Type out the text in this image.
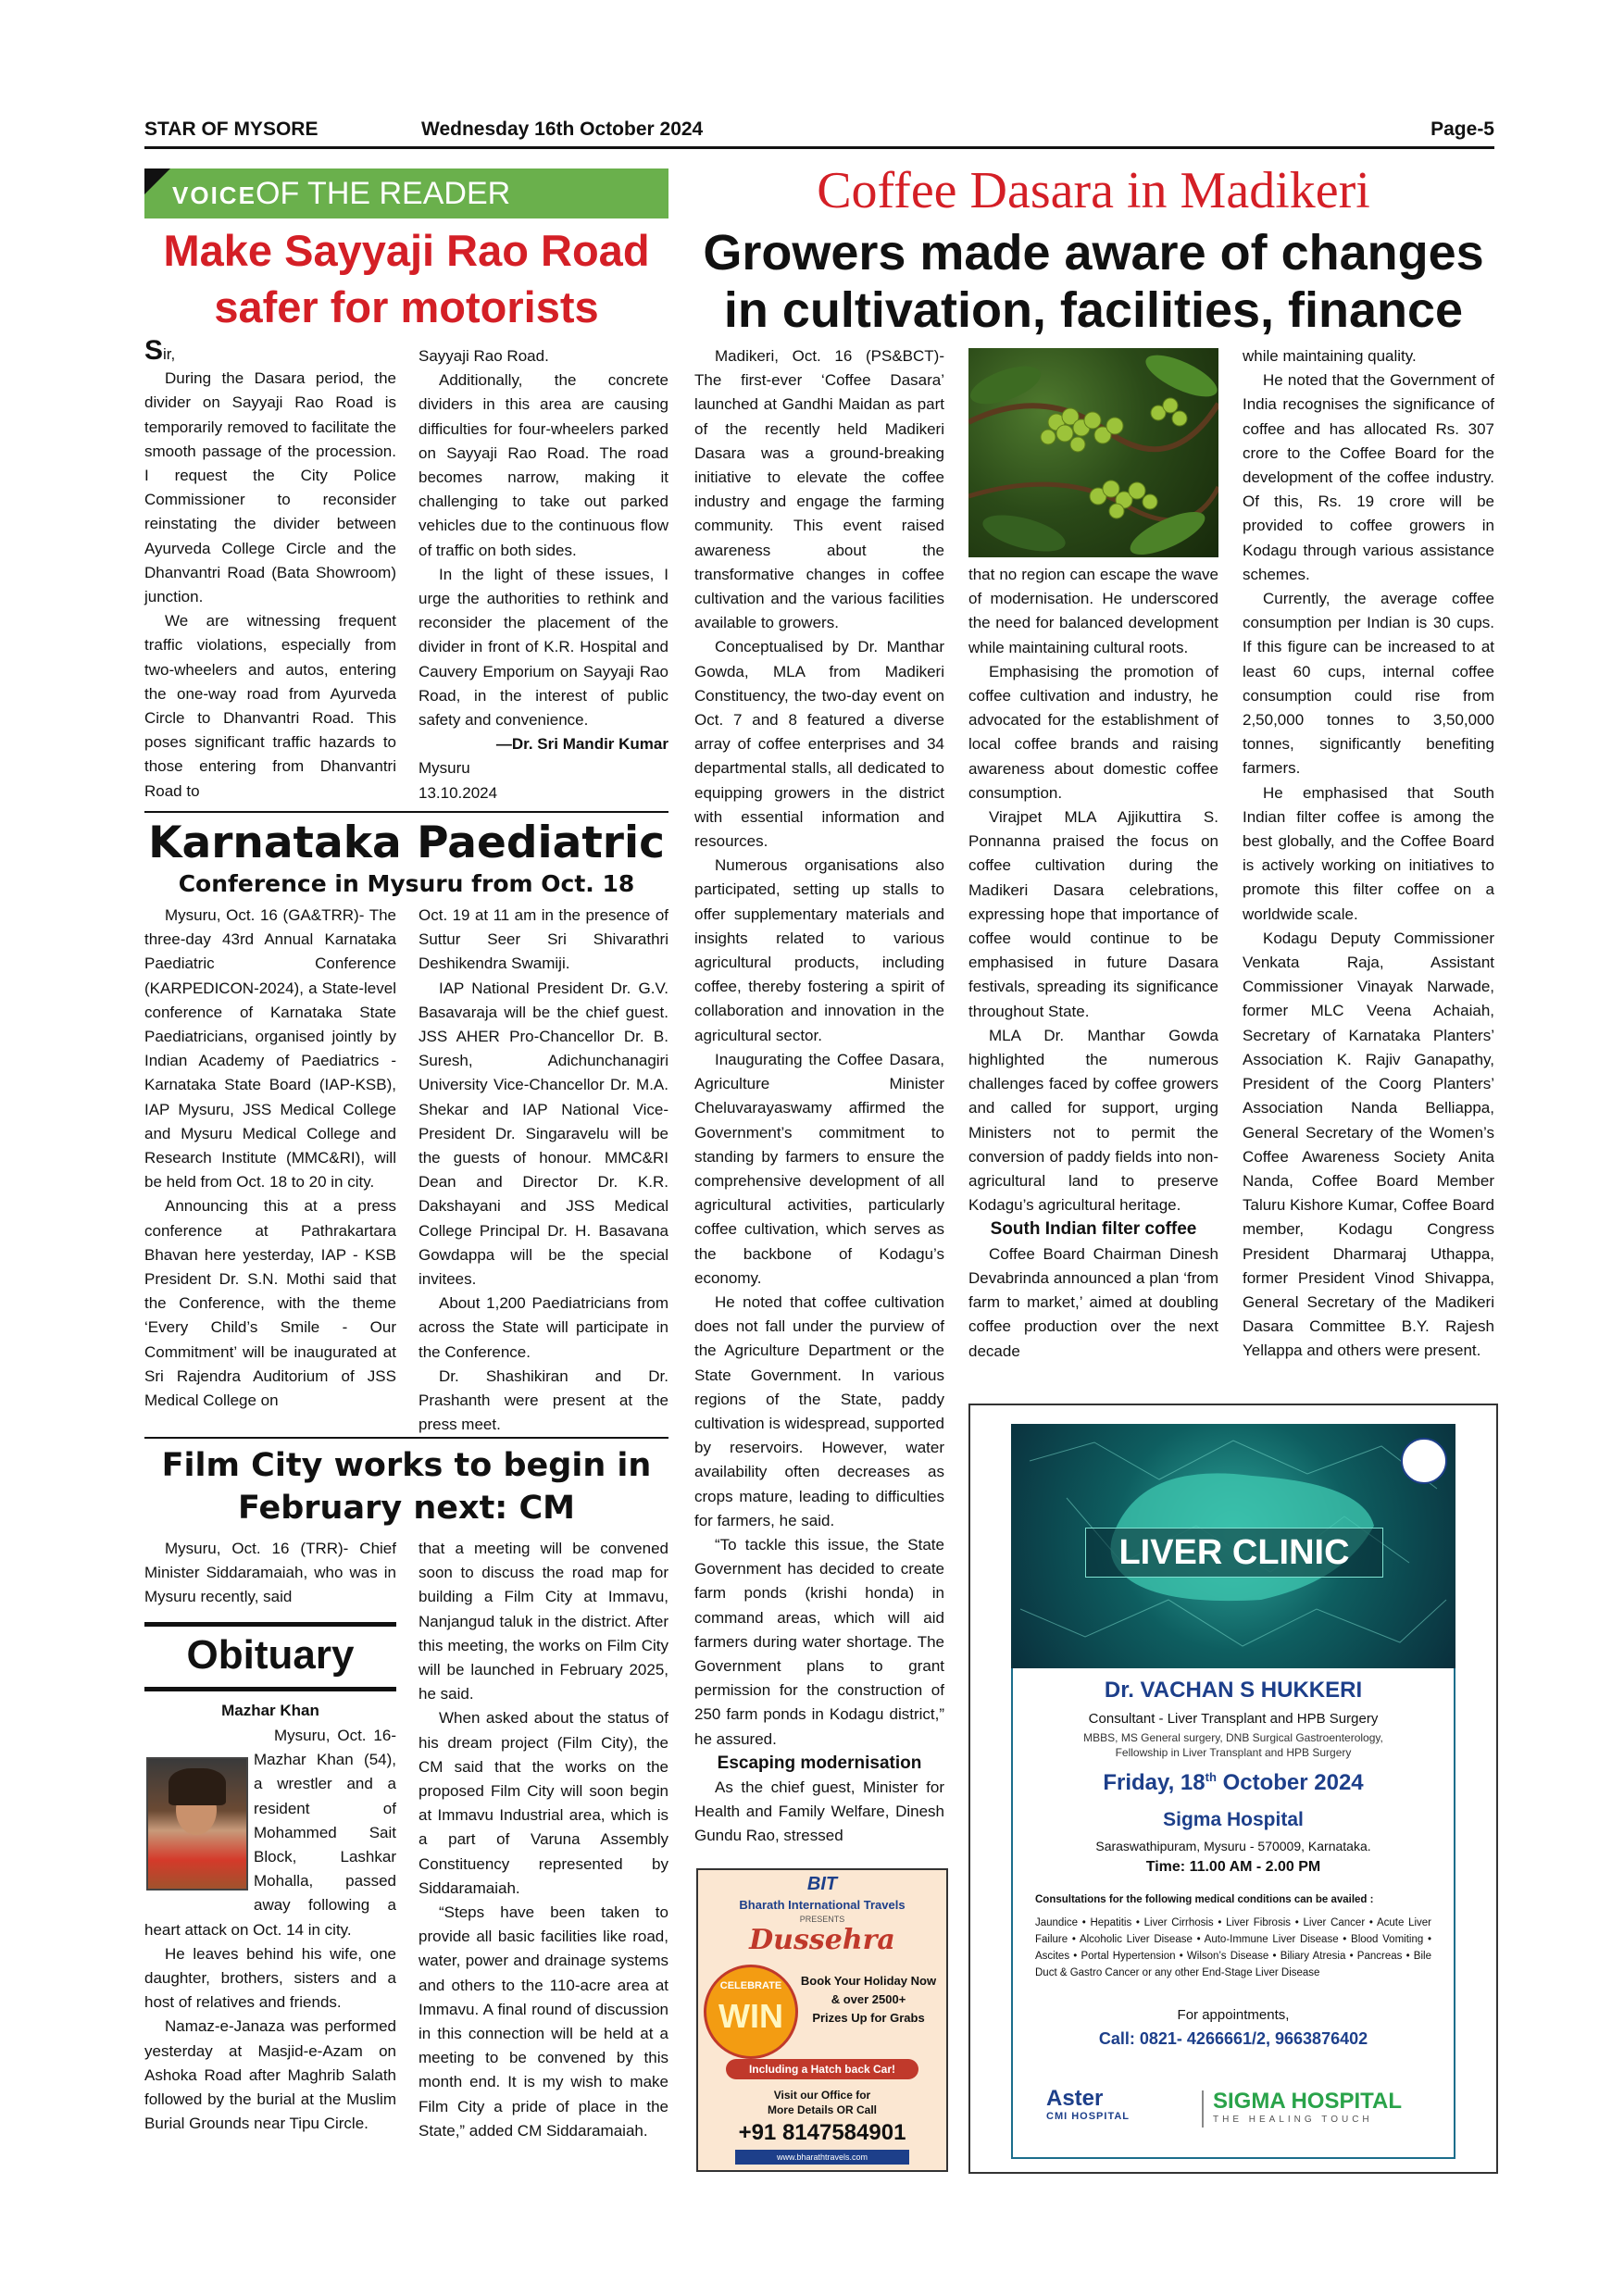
STAR OF MYSORE	Wednesday 16th October 2024	Page-5
VOICE OF THE READER
Make Sayyaji Rao Road
safer for motorists

Sir,

During the Dasara period, the divider on Sayyaji Rao Road is temporarily removed to facilitate the smooth passage of the procession. I request the City Police Commissioner to reconsider reinstating the divider between Ayurveda College Circle and the Dhanvantri Road (Bata Showroom) junction.

We are witnessing frequent traffic violations, especially from two-wheelers and autos, entering the one-way road from Ayurveda Circle to Dhanvantri Road. This poses significant traffic hazards to those entering from Dhanvantri Road to

Sayyaji Rao Road.

Additionally, the concrete dividers in this area are causing difficulties for four-wheelers parked on Sayyaji Rao Road. The road becomes narrow, making it challenging to take out parked vehicles due to the continuous flow of traffic on both sides.

In the light of these issues, I urge the authorities to rethink and reconsider the placement of the divider in front of K.R. Hospital and Cauvery Emporium on Sayyaji Rao Road, in the interest of public safety and convenience.

—Dr. Sri Mandir Kumar

Mysuru

13.10.2024

Karnataka Paediatric
Conference in Mysuru from Oct. 18

Mysuru, Oct. 16 (GA&TRR)- The three-day 43rd Annual Karnataka Paediatric Conference (KARPEDICON-2024), a State-level conference of Karnataka State Paediatricians, organised jointly by Indian Academy of Paediatrics - Karnataka State Board (IAP-KSB), IAP Mysuru, JSS Medical College and Mysuru Medical College and Research Institute (MMC&RI), will be held from Oct. 18 to 20 in city.

Announcing this at a press conference at Pathrakartara Bhavan here yesterday, IAP - KSB President Dr. S.N. Mothi said that the Conference, with the theme ‘Every Child’s Smile - Our Commitment’ will be inaugurated at Sri Rajendra Auditorium of JSS Medical College on

Oct. 19 at 11 am in the presence of Suttur Seer Sri Shivarathri Deshikendra Swamiji.

IAP National President Dr. G.V. Basavaraja will be the chief guest. JSS AHER Pro-Chancellor Dr. B. Suresh, Adichunchanagiri University Vice-Chancellor Dr. M.A. Shekar and IAP National Vice-President Dr. Singaravelu will be the guests of honour. MMC&RI Dean and Director Dr. K.R. Dakshayani and JSS Medical College Principal Dr. H. Basavana Gowdappa will be the special invitees.

About 1,200 Paediatricians from across the State will participate in the Conference.

Dr. Shashikiran and Dr. Prashanth were present at the press meet.

Film City works to begin in
February next: CM

Mysuru, Oct. 16 (TRR)- Chief Minister Siddaramaiah, who was in Mysuru recently, said

that a meeting will be convened soon to discuss the road map for building a Film City at Immavu, Nanjangud taluk in the district. After this meeting, the works on Film City will be launched in February 2025, he said.

When asked about the status of his dream project (Film City), the CM said that the works on the proposed Film City will soon begin at Immavu Industrial area, which is a part of Varuna Assembly Constituency represented by Siddaramaiah.

“Steps have been taken to provide all basic facilities like road, water, power and drainage systems and others to the 110-acre area at Immavu. A final round of discussion in this connection will be held at a meeting to be convened by this month end. It is my wish to make Film City a pride of place in the State,” added CM Siddaramaiah.

Obituary
Mazhar Khan

Mysuru, Oct. 16- Mazhar Khan (54), a wrestler and a resident of Mohammed Sait Block, Lashkar Mohalla, passed away following a heart attack on Oct. 14 in city.

He leaves behind his wife, one daughter, brothers, sisters and a host of relatives and friends.

Namaz-e-Janaza was performed yesterday at Masjid-e-Azam on Ashoka Road after Maghrib Salath followed by the burial at the Muslim Burial Grounds near Tipu Circle.

Coffee Dasara in Madikeri
Growers made aware of changes
in cultivation, facilities, finance

Madikeri, Oct. 16 (PS&BCT)- The first-ever ‘Coffee Dasara’ launched at Gandhi Maidan as part of the recently held Madikeri Dasara was a ground-breaking initiative to elevate the coffee industry and engage the farming community. This event raised awareness about the transformative changes in coffee cultivation and the various facilities available to growers.

Conceptualised by Dr. Manthar Gowda, MLA from Madikeri Constituency, the two-day event on Oct. 7 and 8 featured a diverse array of coffee enterprises and 34 departmental stalls, all dedicated to equipping growers in the district with essential information and resources.

Numerous organisations also participated, setting up stalls to offer supplementary materials and insights related to various agricultural products, including coffee, thereby fostering a spirit of collaboration and innovation in the agricultural sector.

Inaugurating the Coffee Dasara, Agriculture Minister Cheluvarayaswamy affirmed the Government’s commitment to standing by farmers to ensure the comprehensive development of all agricultural activities, particularly coffee cultivation, which serves as the backbone of Kodagu’s economy.

He noted that coffee cultivation does not fall under the purview of the Agriculture Department or the State Government. In various regions of the State, paddy cultivation is widespread, supported by reservoirs. However, water availability often decreases as crops mature, leading to difficulties for farmers, he said.

“To tackle this issue, the State Government has decided to create farm ponds (krishi honda) in command areas, which will aid farmers during water shortage. The Government plans to grant permission for the construction of 250 farm ponds in Kodagu district,” he assured.

Escaping modernisation

As the chief guest, Minister for Health and Family Welfare, Dinesh Gundu Rao, stressed

that no region can escape the wave of modernisation. He underscored the need for balanced development while maintaining cultural roots.

Emphasising the promotion of coffee cultivation and industry, he advocated for the establishment of local coffee brands and raising awareness about domestic coffee consumption.

Virajpet MLA Ajjikuttira S. Ponnanna praised the focus on coffee cultivation during the Madikeri Dasara celebrations, expressing hope that importance of coffee would continue to be emphasised in future Dasara festivals, spreading its significance throughout State.

MLA Dr. Manthar Gowda highlighted the numerous challenges faced by coffee growers and called for support, urging Ministers not to permit the conversion of paddy fields into non-agricultural land to preserve Kodagu’s agricultural heritage.

South Indian filter coffee

Coffee Board Chairman Dinesh Devabrinda announced a plan ‘from farm to market,’ aimed at doubling coffee production over the next decade

while maintaining quality.

He noted that the Government of India recognises the significance of coffee and has allocated Rs. 307 crore to the Coffee Board for the development of the coffee industry. Of this, Rs. 19 crore will be provided to coffee growers in Kodagu through various assistance schemes.

Currently, the average coffee consumption per Indian is 30 cups. If this figure can be increased to at least 60 cups, internal coffee consumption could rise from 2,50,000 tonnes to 3,50,000 tonnes, significantly benefiting farmers.

He emphasised that South Indian filter coffee is among the best globally, and the Coffee Board is actively working on initiatives to promote this filter coffee on a worldwide scale.

Kodagu Deputy Commissioner Venkata Raja, Assistant Commissioner Vinayak Narwade, former MLC Veena Achaiah, Secretary of Karnataka Planters’ Association K. Rajiv Ganapathy, President of the Coorg Planters’ Association Nanda Belliappa, General Secretary of the Women’s Coffee Awareness Society Anita Nanda, Coffee Board Member Taluru Kishore Kumar, Coffee Board member, Kodagu Congress President Dharmaraj Uthappa, former President Vinod Shivappa, General Secretary of the Madikeri Dasara Committee B.Y. Rajesh Yellappa and others were present.

BIT
Bharath International Travels
PRESENTS
Dussehra
CELEBRATE
WIN
Book Your Holiday Now
& over 2500+
Prizes Up for Grabs
Including a Hatch back Car!
Visit our Office for
More Details OR Call
+91 8147584901
www.bharathtravels.com
LIVER CLINIC
Dr. VACHAN S HUKKERI
Consultant - Liver Transplant and HPB Surgery
MBBS, MS General surgery, DNB Surgical Gastroenterology,
Fellowship in Liver Transplant and HPB Surgery
Friday, 18th October 2024
Sigma Hospital
Saraswathipuram, Mysuru - 570009, Karnataka.
Time: 11.00 AM - 2.00 PM
Consultations for the following medical conditions can be availed :
Jaundice • Hepatitis • Liver Cirrhosis • Liver Fibrosis • Liver Cancer • Acute Liver Failure • Alcoholic Liver Disease • Auto-Immune Liver Disease • Blood Vomiting • Ascites • Portal Hypertension • Wilson’s Disease • Biliary Atresia • Pancreas • Bile Duct & Gastro Cancer or any other End-Stage Liver Disease
For appointments,
Call: 0821- 4266661/2, 9663876402
Aster
CMI HOSPITAL
SIGMA HOSPITAL
THE HEALING TOUCH
